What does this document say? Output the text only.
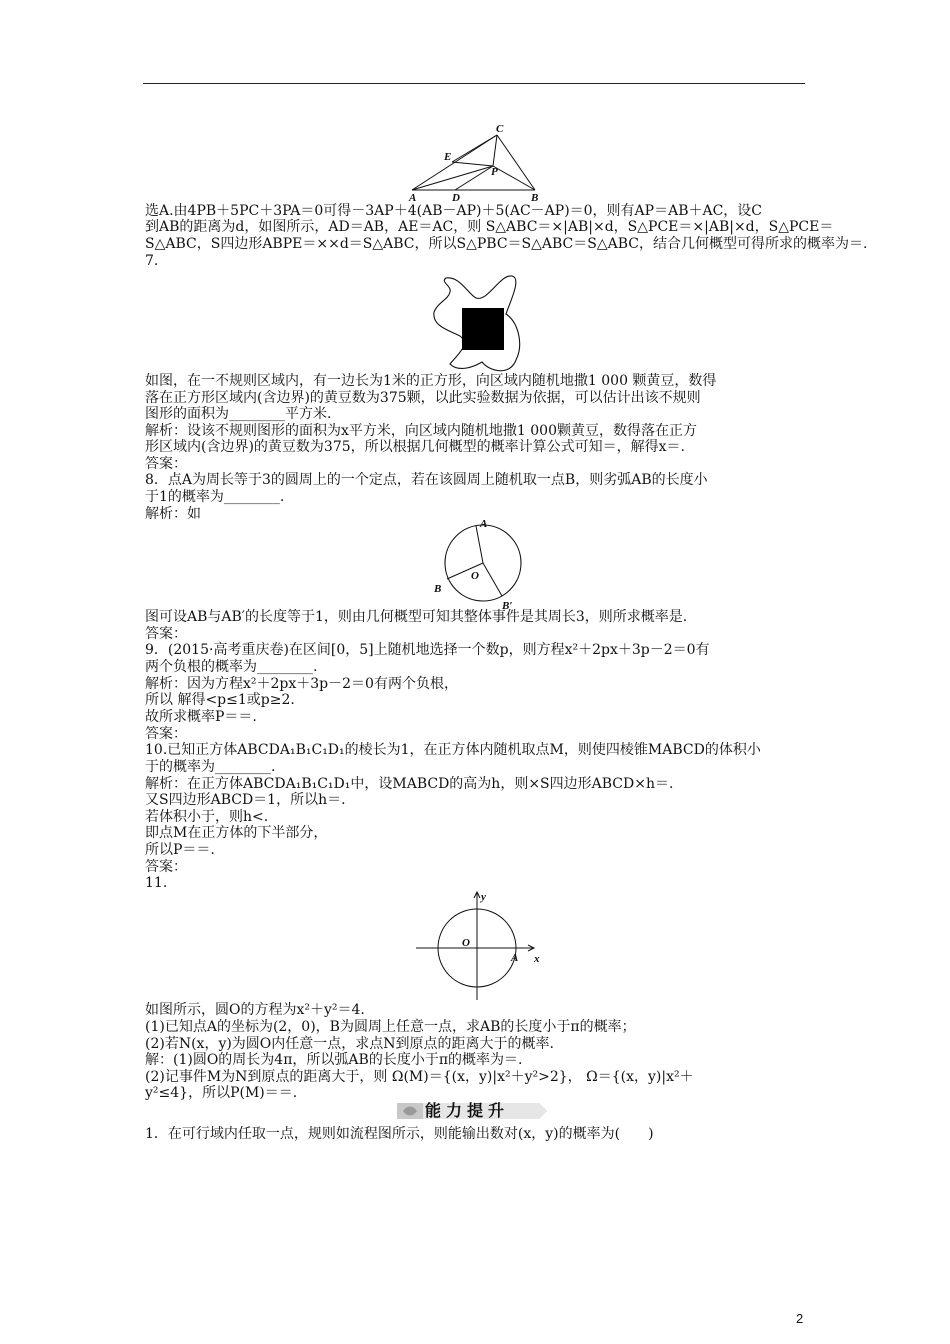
C
E
P
A	D	B
选A.由4PB＋5PC＋3PA＝0可得－3AP＋4(AB－AP)＋5(AC－AP)＝0，则有AP＝AB＋AC，设C
到AB的距离为d，如图所示，AD＝AB，AE＝AC，则 S△ABC＝×|AB|×d，S△PCE＝×|AB|×d，S△PCE＝
S△ABC，S四边形ABPE＝××d＝S△ABC，所以S△PBC＝S△ABC＝S△ABC，结合几何概型可得所求的概率为＝.
7.
如图，在一不规则区域内，有一边长为1米的正方形，向区域内随机地撒1 000 颗黄豆，数得
落在正方形区域内(含边界)的黄豆数为375颗，以此实验数据为依据，可以估计出该不规则
图形的面积为________平方米.
解析：设该不规则图形的面积为x平方米，向区域内随机地撒1 000颗黄豆，数得落在正方
形区域内(含边界)的黄豆数为375，所以根据几何概型的概率计算公式可知＝，解得x＝.
答案：
8．点A为周长等于3的圆周上的一个定点，若在该圆周上随机取一点B，则劣弧AB的长度小
于1的概率为________.
解析：如
A
O
B
B′
图可设AB与AB′的长度等于1，则由几何概型可知其整体事件是其周长3，则所求概率是.
答案：
9．(2015·高考重庆卷)在区间[0，5]上随机地选择一个数p，则方程x²＋2px＋3p－2＝0有
两个负根的概率为________.
解析：因为方程x²＋2px＋3p－2＝0有两个负根，
所以 解得<p≤1或p≥2.
故所求概率P＝＝.
答案：
10.已知正方体ABCDA₁B₁C₁D₁的棱长为1，在正方体内随机取点M，则使四棱锥MABCD的体积小
于的概率为________.
解析：在正方体ABCDA₁B₁C₁D₁中，设MABCD的高为h，则×S四边形ABCD×h＝.
又S四边形ABCD＝1，所以h＝.
若体积小于，则h<.
即点M在正方体的下半部分，
所以P＝＝.
答案：
11.
y
O
A x
如图所示，圆O的方程为x²＋y²＝4.
(1)已知点A的坐标为(2，0)，B为圆周上任意一点，求AB的长度小于π的概率；
(2)若N(x，y)为圆O内任意一点，求点N到原点的距离大于的概率.
解：(1)圆O的周长为4π，所以弧AB的长度小于π的概率为＝.
(2)记事件M为N到原点的距离大于，则 Ω(M)＝{(x，y)|x²＋y²>2}， Ω＝{(x，y)|x²＋
y²≤4}，所以P(M)＝＝.
能力提升
1．在可行域内任取一点，规则如流程图所示，则能输出数对(x，y)的概率为(　　)
2
